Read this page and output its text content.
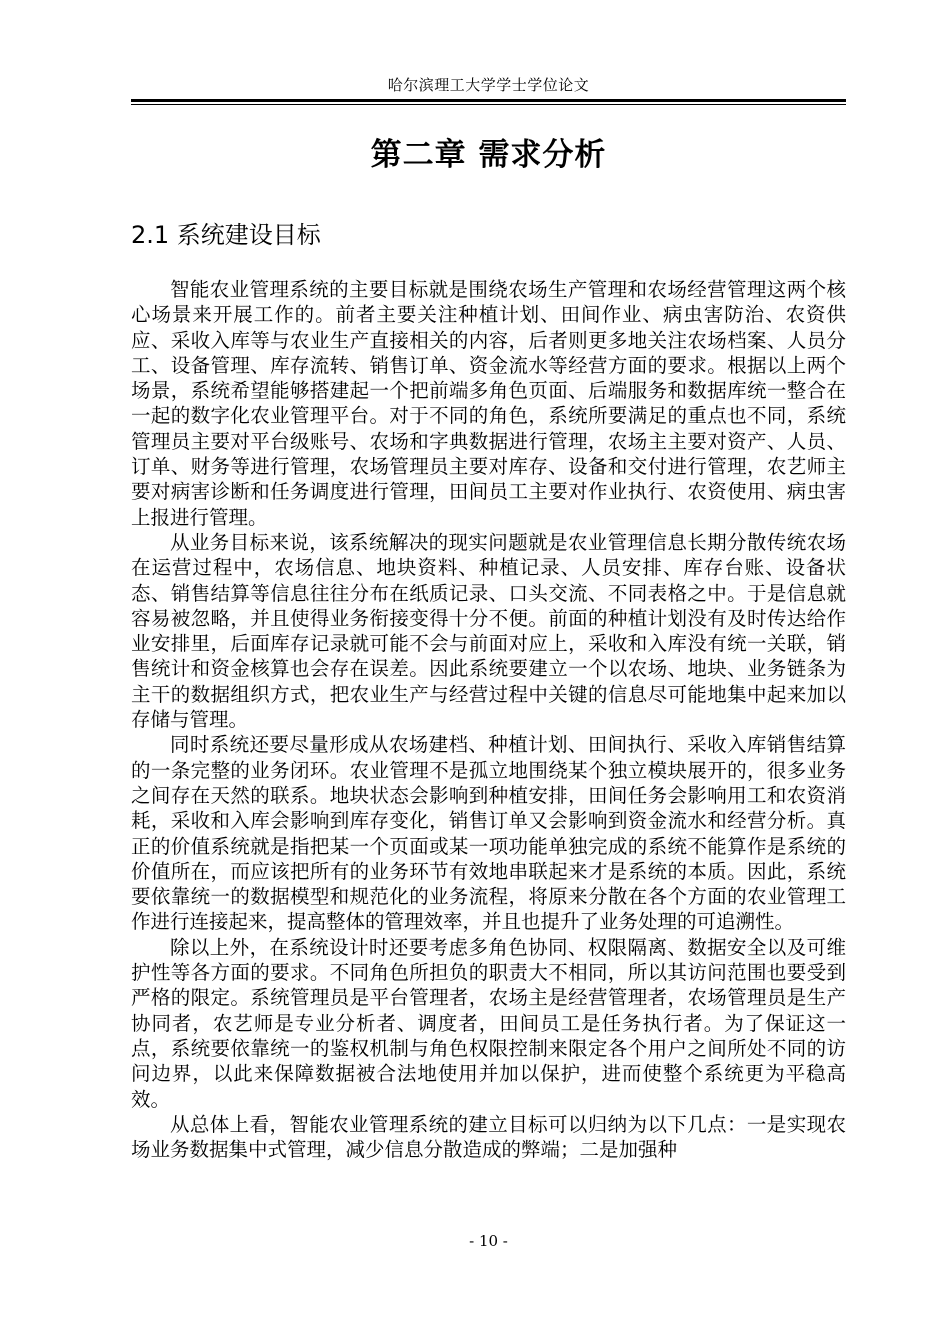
哈尔滨理工大学学士学位论文
第二章 需求分析
2.1 系统建设目标

智能农业管理系统的主要目标就是围绕农场生产管理和农场经营管理这两个核心场景来开展工作的。前者主要关注种植计划、田间作业、病虫害防治、农资供应、采收入库等与农业生产直接相关的内容，后者则更多地关注农场档案、人员分工、设备管理、库存流转、销售订单、资金流水等经营方面的要求。根据以上两个场景，系统希望能够搭建起一个把前端多角色页面、后端服务和数据库统一整合在一起的数字化农业管理平台。对于不同的角色，系统所要满足的重点也不同，系统管理员主要对平台级账号、农场和字典数据进行管理，农场主主要对资产、人员、订单、财务等进行管理，农场管理员主要对库存、设备和交付进行管理，农艺师主要对病害诊断和任务调度进行管理，田间员工主要对作业执行、农资使用、病虫害上报进行管理。

从业务目标来说，该系统解决的现实问题就是农业管理信息长期分散传统农场在运营过程中，农场信息、地块资料、种植记录、人员安排、库存台账、设备状态、销售结算等信息往往分布在纸质记录、口头交流、不同表格之中。于是信息就容易被忽略，并且使得业务衔接变得十分不便。前面的种植计划没有及时传达给作业安排里，后面库存记录就可能不会与前面对应上，采收和入库没有统一关联，销售统计和资金核算也会存在误差。因此系统要建立一个以农场、地块、业务链条为主干的数据组织方式，把农业生产与经营过程中关键的信息尽可能地集中起来加以存储与管理。

同时系统还要尽量形成从农场建档、种植计划、田间执行、采收入库销售结算的一条完整的业务闭环。农业管理不是孤立地围绕某个独立模块展开的，很多业务之间存在天然的联系。地块状态会影响到种植安排，田间任务会影响用工和农资消耗，采收和入库会影响到库存变化，销售订单又会影响到资金流水和经营分析。真正的价值系统就是指把某一个页面或某一项功能单独完成的系统不能算作是系统的价值所在，而应该把所有的业务环节有效地串联起来才是系统的本质。因此，系统要依靠统一的数据模型和规范化的业务流程，将原来分散在各个方面的农业管理工作进行连接起来，提高整体的管理效率，并且也提升了业务处理的可追溯性。

除以上外，在系统设计时还要考虑多角色协同、权限隔离、数据安全以及可维护性等各方面的要求。不同角色所担负的职责大不相同，所以其访问范围也要受到严格的限定。系统管理员是平台管理者，农场主是经营管理者，农场管理员是生产协同者，农艺师是专业分析者、调度者，田间员工是任务执行者。为了保证这一点，系统要依靠统一的鉴权机制与角色权限控制来限定各个用户之间所处不同的访问边界，以此来保障数据被合法地使用并加以保护，进而使整个系统更为平稳高效。

从总体上看，智能农业管理系统的建立目标可以归纳为以下几点：一是实现农场业务数据集中式管理，减少信息分散造成的弊端；二是加强种

- 10 -
